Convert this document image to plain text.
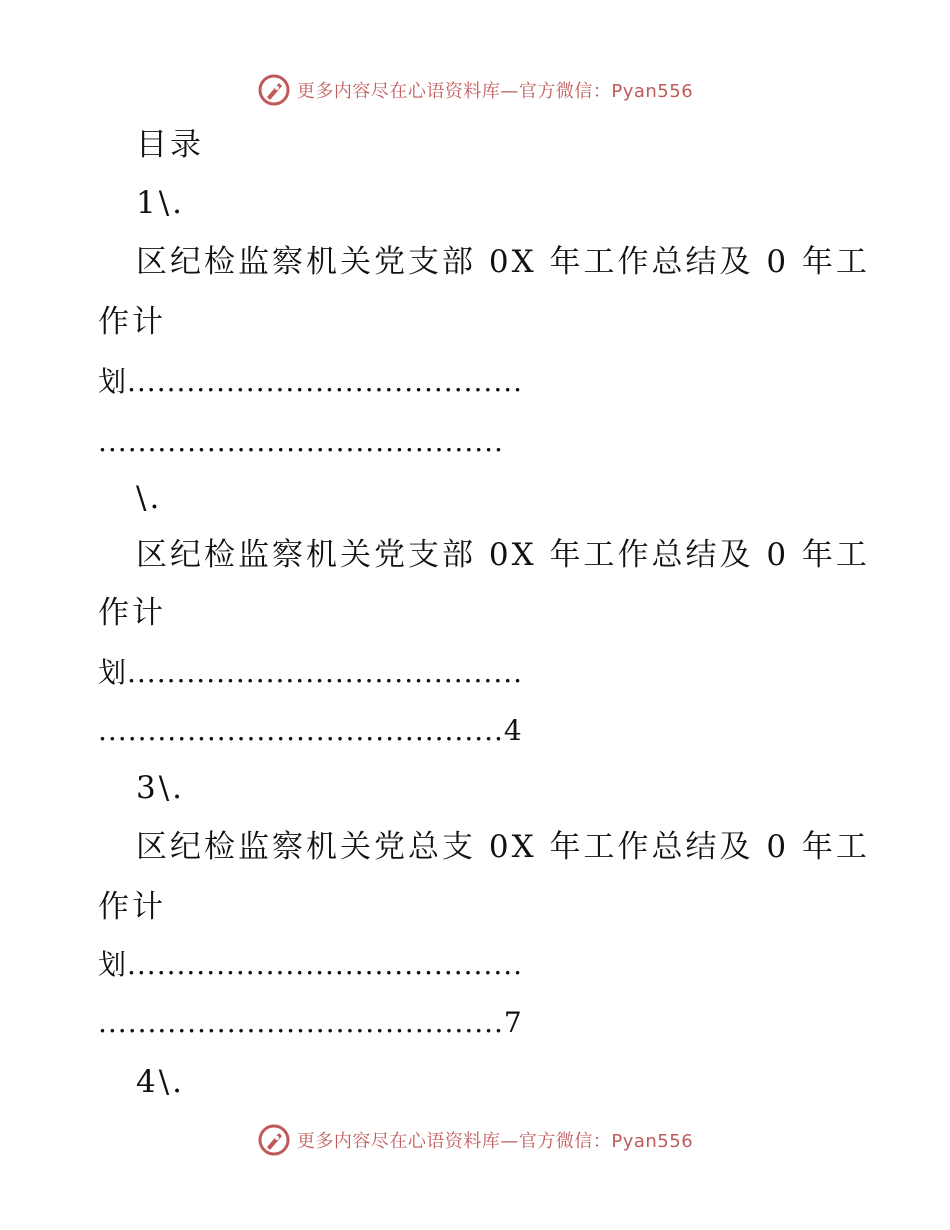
更多内容尽在心语资料库—官方微信：Pyan556
目录
1\.
区纪检监察机关党支部 0X 年工作总结及 0 年工
作计
划........................................
.........................................
\.
区纪检监察机关党支部 0X 年工作总结及 0 年工
作计
划........................................
.........................................4
3\.
区纪检监察机关党总支 0X 年工作总结及 0 年工
作计
划........................................
.........................................7
4\.
更多内容尽在心语资料库—官方微信：Pyan556
